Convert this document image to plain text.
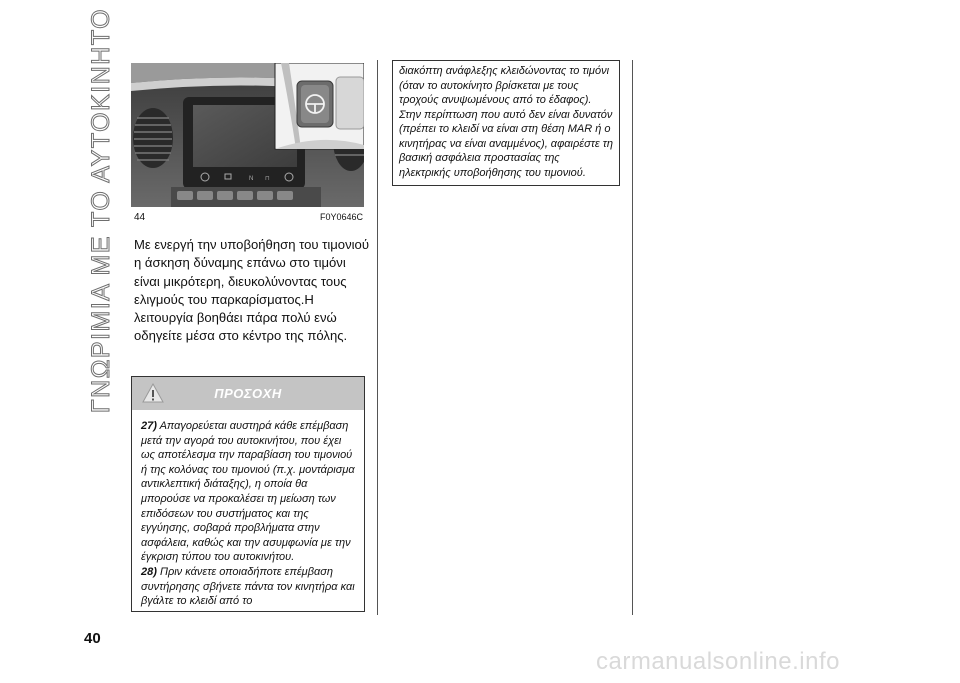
ΓΝΩΡΙΜΙΑ ΜΕ ΤΟ ΑΥΤΟΚΙΝΗΤΟ	N ⊓
44	F0Y0646C
Με ενεργή την υποβοήθηση του τιμονιού η άσκηση δύναμης επάνω στο τιμόνι είναι μικρότερη, διευκολύνοντας τους ελιγμούς του παρκαρίσματος.Η λειτουργία βοηθάει πάρα πολύ ενώ οδηγείτε μέσα στο κέντρο της πόλης.
ΠΡΟΣΟΧΗ

27) Απαγορεύεται αυστηρά κάθε επέμβαση μετά την αγορά του αυτοκινήτου, που έχει ως αποτέλεσμα την παραβίαση του τιμονιού ή της κολόνας του τιμονιού (π.χ. μοντάρισμα αντικλεπτική διάταξης), η οποία θα μπορούσε να προκαλέσει τη μείωση των επιδόσεων του συστήματος και της εγγύησης, σοβαρά προβλήματα στην ασφάλεια, καθώς και την ασυμφωνία με την έγκριση τύπου του αυτοκινήτου.

28) Πριν κάνετε οποιαδήποτε επέμβαση συντήρησης σβήνετε πάντα τον κινητήρα και βγάλτε το κλειδί από το

διακόπτη ανάφλεξης κλειδώνοντας το τιμόνι (όταν το αυτοκίνητο βρίσκεται με τους τροχούς ανυψωμένους από το έδαφος). Στην περίπτωση που αυτό δεν είναι δυνατόν (πρέπει το κλειδί να είναι στη θέση MAR ή ο κινητήρας να είναι αναμμένος), αφαιρέστε τη βασική ασφάλεια προστασίας της ηλεκτρικής υποβοήθησης του τιμονιού.
40
carmanualsonline.info
